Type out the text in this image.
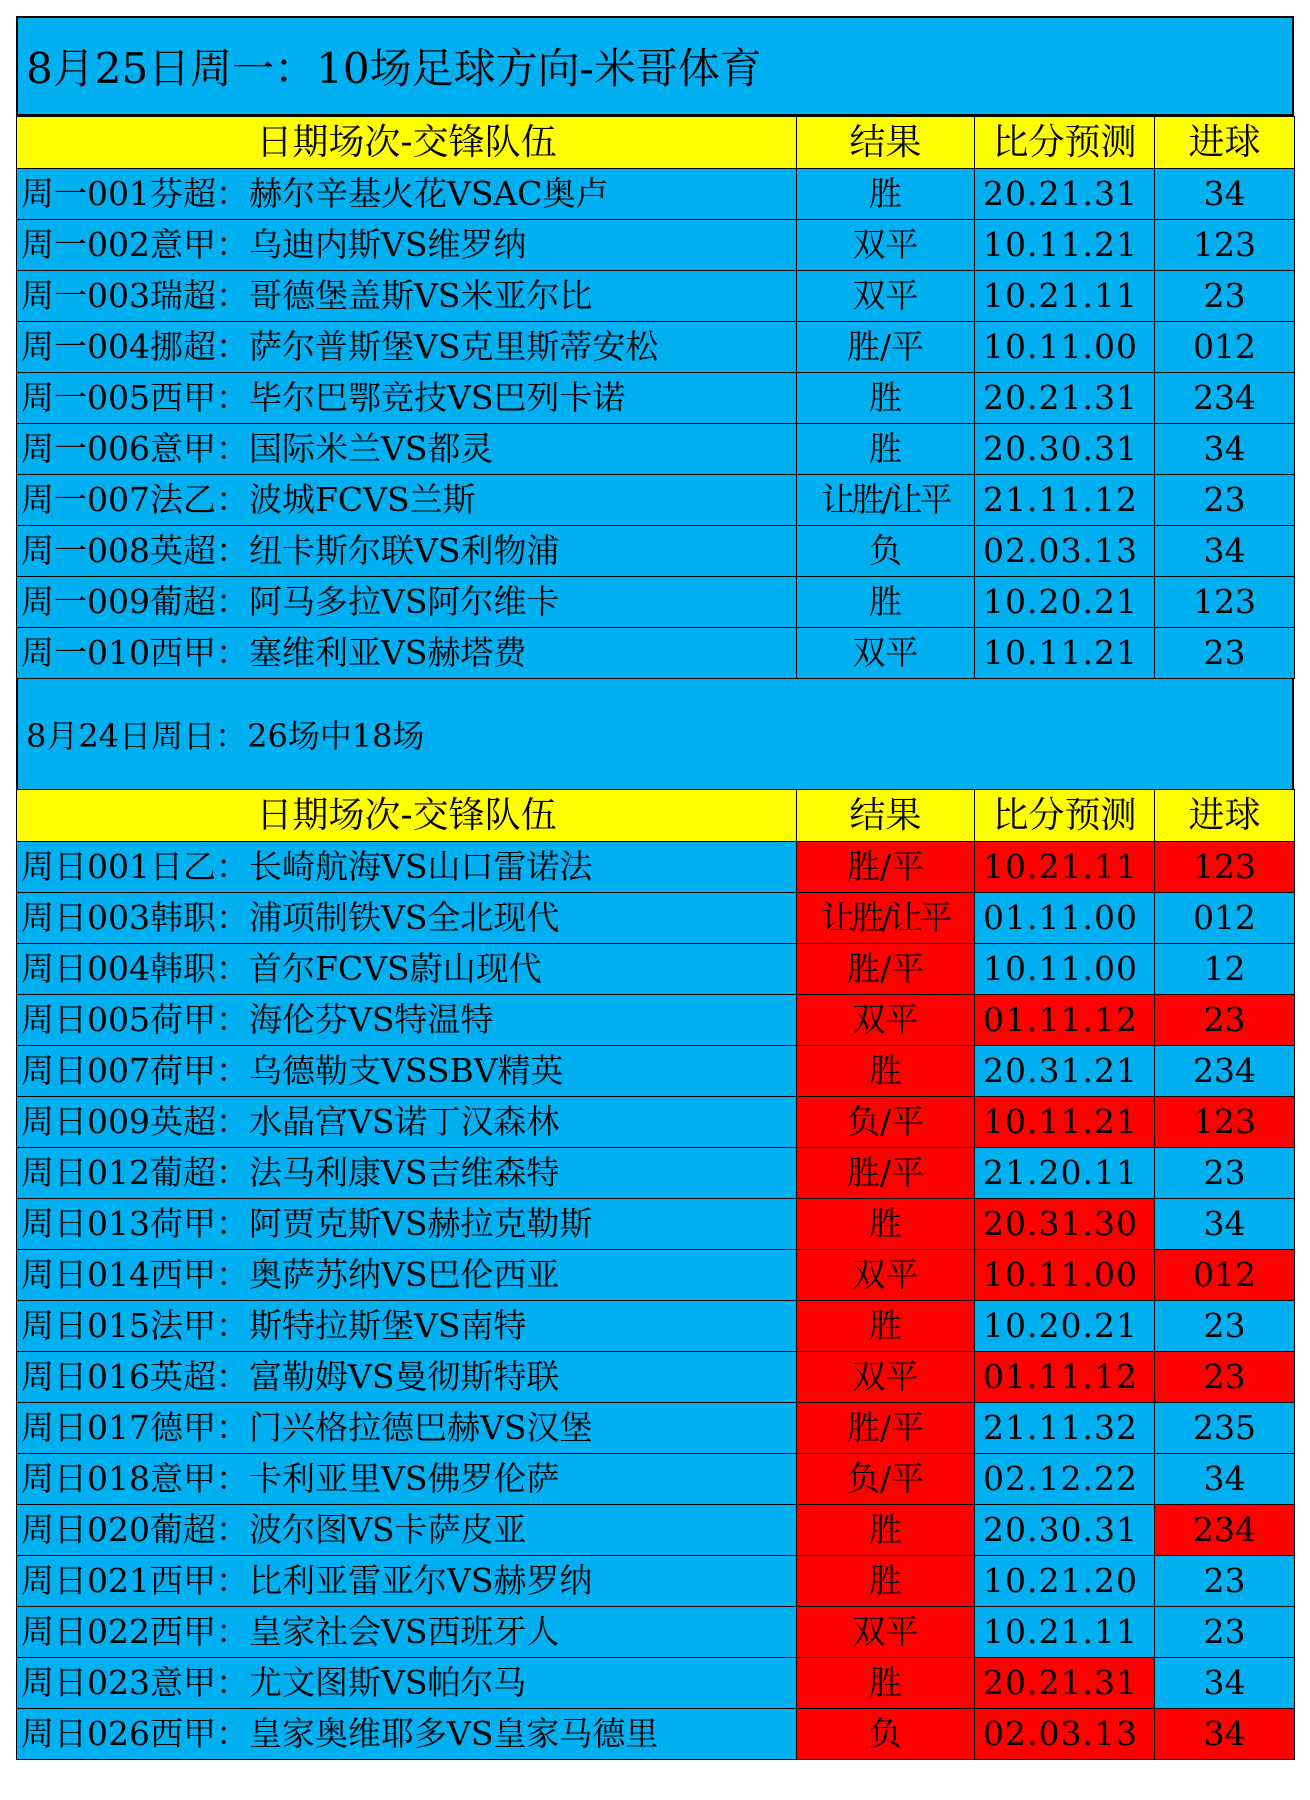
8月25日周一：10场足球方向-米哥体育
日期场次-交锋队伍	结果	比分预测	进球
周一001芬超：赫尔辛基火花VSAC奥卢	胜	20.21.31	34
周一002意甲：乌迪内斯VS维罗纳	双平	10.11.21	123
周一003瑞超：哥德堡盖斯VS米亚尔比	双平	10.21.11	23
周一004挪超：萨尔普斯堡VS克里斯蒂安松	胜/平	10.11.00	012
周一005西甲：毕尔巴鄂竞技VS巴列卡诺	胜	20.21.31	234
周一006意甲：国际米兰VS都灵	胜	20.30.31	34
周一007法乙：波城FCVS兰斯	让胜/让平	21.11.12	23
周一008英超：纽卡斯尔联VS利物浦	负	02.03.13	34
周一009葡超：阿马多拉VS阿尔维卡	胜	10.20.21	123
周一010西甲：塞维利亚VS赫塔费	双平	10.11.21	23
8月24日周日：26场中18场
日期场次-交锋队伍	结果	比分预测	进球
周日001日乙：长崎航海VS山口雷诺法	胜/平	10.21.11	123
周日003韩职：浦项制铁VS全北现代	让胜/让平	01.11.00	012
周日004韩职：首尔FCVS蔚山现代	胜/平	10.11.00	12
周日005荷甲：海伦芬VS特温特	双平	01.11.12	23
周日007荷甲：乌德勒支VSSBV精英	胜	20.31.21	234
周日009英超：水晶宫VS诺丁汉森林	负/平	10.11.21	123
周日012葡超：法马利康VS吉维森特	胜/平	21.20.11	23
周日013荷甲：阿贾克斯VS赫拉克勒斯	胜	20.31.30	34
周日014西甲：奥萨苏纳VS巴伦西亚	双平	10.11.00	012
周日015法甲：斯特拉斯堡VS南特	胜	10.20.21	23
周日016英超：富勒姆VS曼彻斯特联	双平	01.11.12	23
周日017德甲：门兴格拉德巴赫VS汉堡	胜/平	21.11.32	235
周日018意甲：卡利亚里VS佛罗伦萨	负/平	02.12.22	34
周日020葡超：波尔图VS卡萨皮亚	胜	20.30.31	234
周日021西甲：比利亚雷亚尔VS赫罗纳	胜	10.21.20	23
周日022西甲：皇家社会VS西班牙人	双平	10.21.11	23
周日023意甲：尤文图斯VS帕尔马	胜	20.21.31	34
周日026西甲：皇家奥维耶多VS皇家马德里	负	02.03.13	34
